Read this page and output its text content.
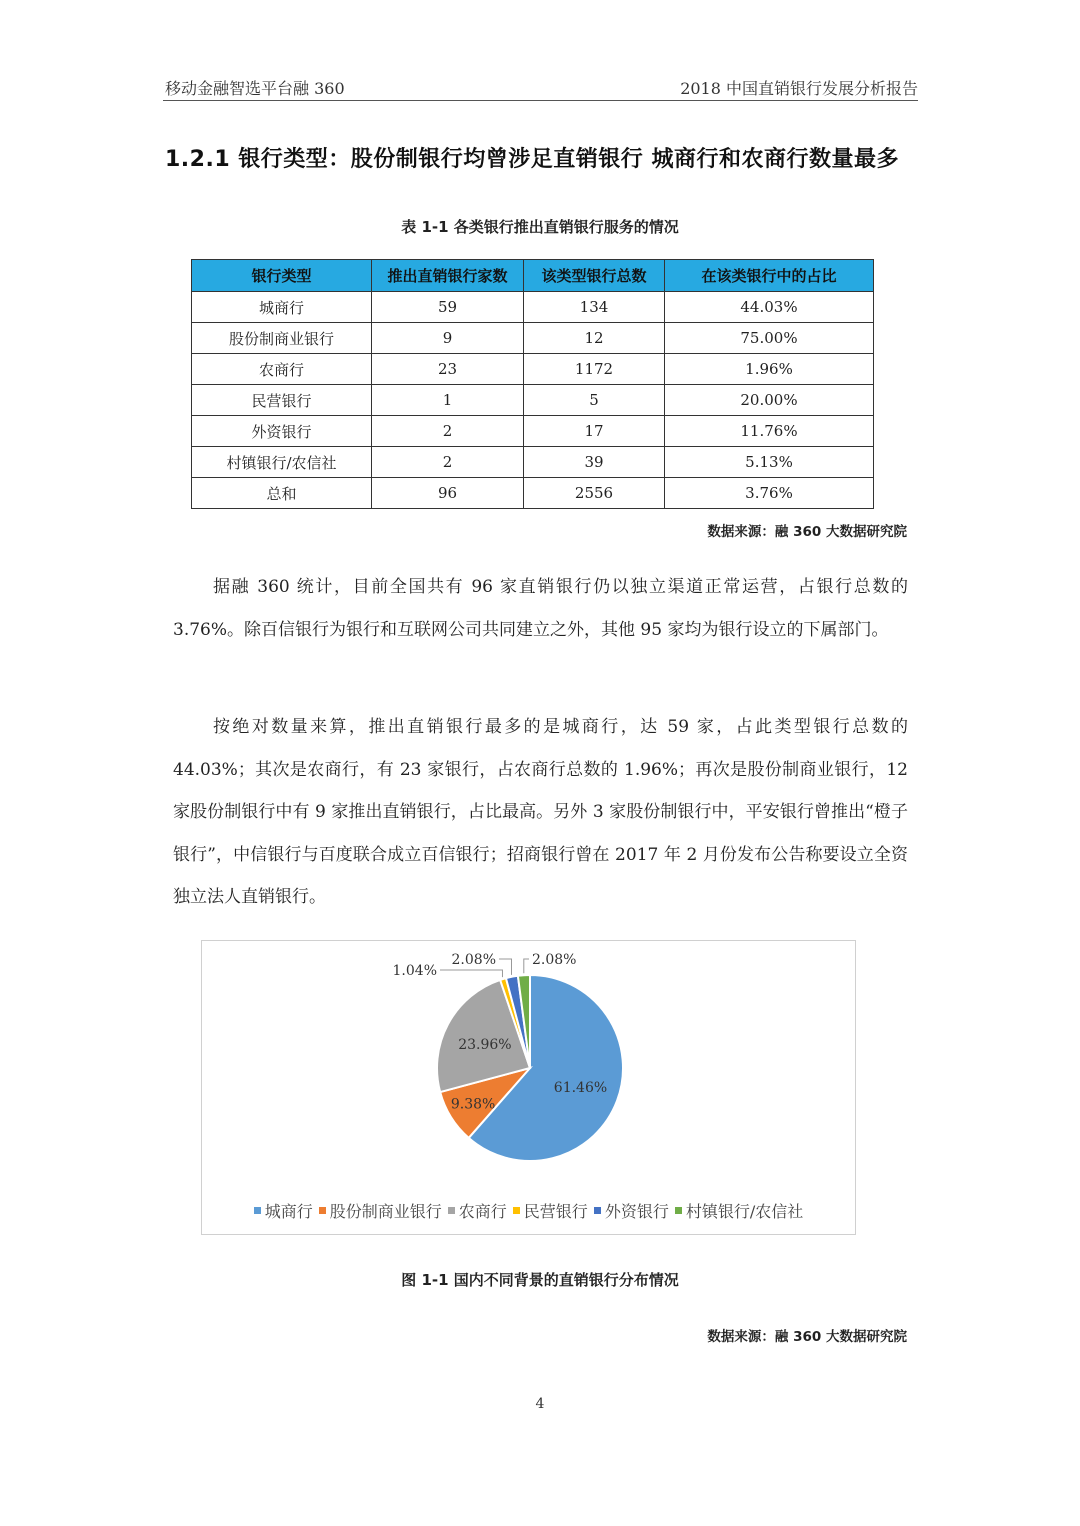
移动金融智选平台融 360	2018 中国直销银行发展分析报告
1.2.1 银行类型：股份制银行均曾涉足直销银行 城商行和农商行数量最多
表 1-1 各类银行推出直销银行服务的情况
银行类型	推出直销银行家数	该类型银行总数	在该类银行中的占比
城商行	59	134	44.03%
股份制商业银行	9	12	75.00%
农商行	23	1172	1.96%
民营银行	1	5	20.00%
外资银行	2	17	11.76%
村镇银行/农信社	2	39	5.13%
总和	96	2556	3.76%
数据来源：融 360 大数据研究院

据融 360 统计，目前全国共有 96 家直销银行仍以独立渠道正常运营，占银行总数的 3.76%。除百信银行为银行和互联网公司共同建立之外，其他 95 家均为银行设立的下属部门。

按绝对数量来算，推出直销银行最多的是城商行，达 59 家，占此类型银行总数的 44.03%；其次是农商行，有 23 家银行，占农商行总数的 1.96%；再次是股份制商业银行，12 家股份制银行中有 9 家推出直销银行，占比最高。另外 3 家股份制银行中，平安银行曾推出“橙子银行”，中信银行与百度联合成立百信银行；招商银行曾在 2017 年 2 月份发布公告称要设立全资独立法人直销银行。

61.46%
9.38%
23.96%
1.04%
2.08%	2.08%
城商行 股份制商业银行 农商行 民营银行 外资银行 村镇银行/农信社
图 1-1 国内不同背景的直销银行分布情况
数据来源：融 360 大数据研究院
4
